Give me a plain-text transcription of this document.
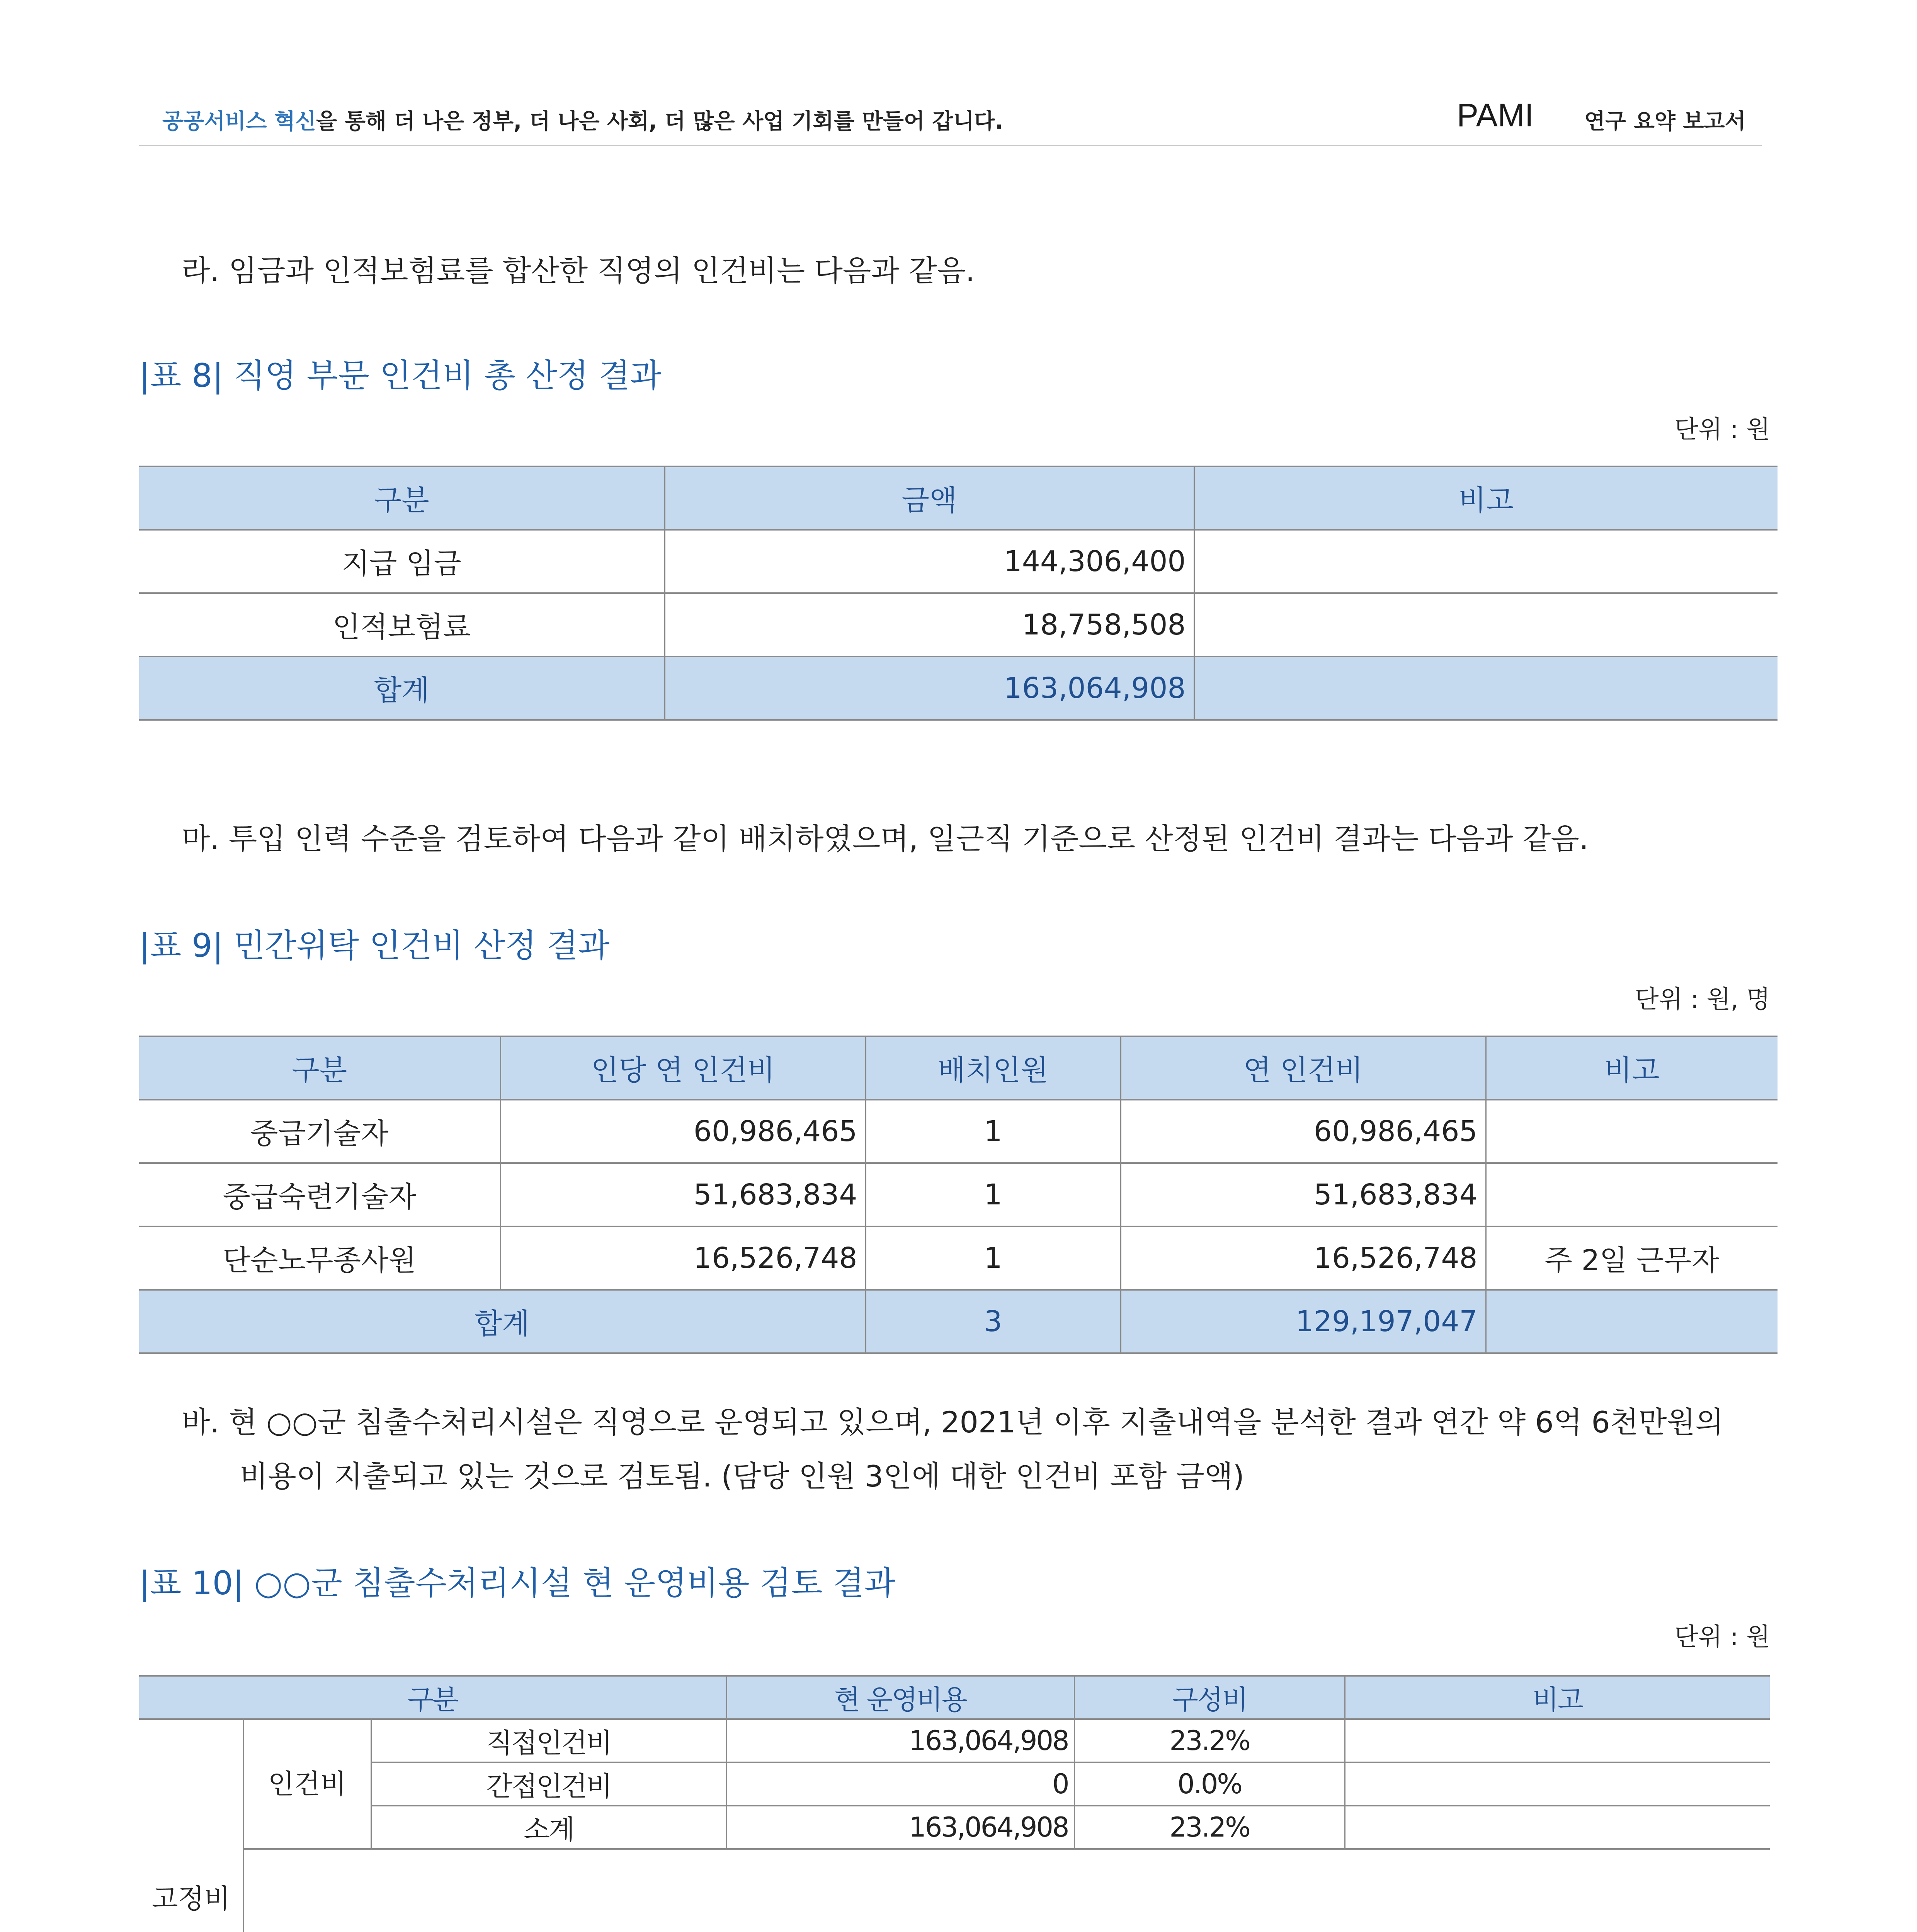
공공서비스 혁신을 통해 더 나은 정부, 더 나은 사회, 더 많은 사업 기회를 만들어 갑니다.	PAMI 연구 요약 보고서
라. 임금과 인적보험료를 합산한 직영의 인건비는 다음과 같음.
|표 8| 직영 부문 인건비 총 산정 결과
단위 : 원
구분	금액	비고
지급 임금	144,306,400	
인적보험료	18,758,508	
합계	163,064,908	
마. 투입 인력 수준을 검토하여 다음과 같이 배치하였으며, 일근직 기준으로 산정된 인건비 결과는 다음과 같음.
|표 9| 민간위탁 인건비 산정 결과
단위 : 원, 명
구분	인당 연 인건비	배치인원	연 인건비	비고
중급기술자	60,986,465	1	60,986,465	
중급숙련기술자	51,683,834	1	51,683,834	
단순노무종사원	16,526,748	1	16,526,748	주 2일 근무자
합계		3	129,197,047	
바. 현 ○○군 침출수처리시설은 직영으로 운영되고 있으며, 2021년 이후 지출내역을 분석한 결과 연간 약 6억 6천만원의
비용이 지출되고 있는 것으로 검토됨. (담당 인원 3인에 대한 인건비 포함 금액)
|표 10| ○○군 침출수처리시설 현 운영비용 검토 결과
단위 : 원
구분			현 운영비용	구성비	비고
고정비	인건비	직접인건비	163,064,908	23.2%	
		간접인건비	0	0.0%	
		소계	163,064,908	23.2%	
